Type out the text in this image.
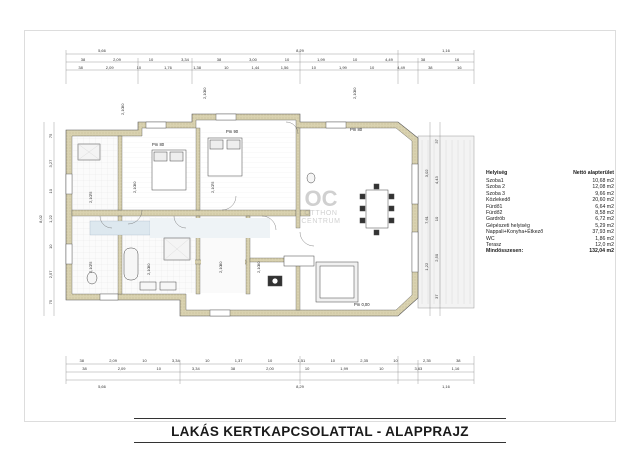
5,66	8,29	1,16
38	2,09	10	3,34	38	3,00	10	1,99	10	4,49	38	16
38	2,09	10	1,76	1,38	10	1,44	1,56	10	1,99	10	4,49	38	16
38	2,09	10	3,34	10	1,37	10	1,51	10	2,35	10	2,35	38
38	2,09	10	3,34	38	2,00	10	1,99	10	3,63	1,16
5,66	8,29	1,16
75
3,27
10
1,22
10
2,57
75
37
4,43
10
2,50
37
3,02
7,61
1,22
8,02
Pm 80
Pm 90	Pm 80
Pm 0,00
75
2,10
90
2,10
75
2,10	90
2,10
75
2,10
80
2,10
90
2,10
90
2,10
90
2,10
90
2,10
OC
OTTHON
CENTRUM
Helyiség	Nettó alapterület
Szoba1	10,68 m2
Szoba 2	12,08 m2
Szoba 3	9,66 m2
Közlekedő	20,60 m2
Fürdő1	6,64 m2
Fürdő2	8,58 m2
Gardrób	6,72 m2
Gépészeti helyiség	5,29 m2
Nappali+Konyha+Étkező	37,93 m2
WC	1,86 m2
Terasz	12,0 m2
Mindösszesen:	132,04 m2
LAKÁS KERTKAPCSOLATTAL - ALAPPRAJZ
